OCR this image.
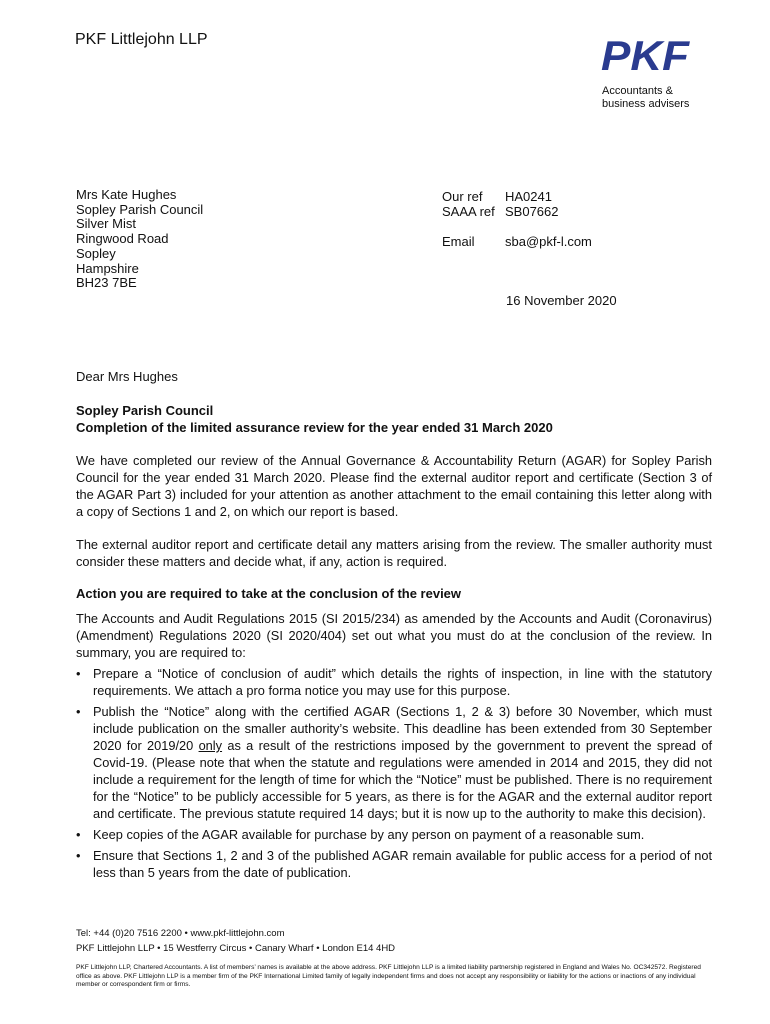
PKF Littlejohn LLP	PKF
Accountants &
business advisers
Mrs Kate Hughes
Sopley Parish Council
Silver Mist
Ringwood Road
Sopley
Hampshire
BH23 7BE
Our ref	HA0241
SAAA ref SB07662
Email	sba@pkf-l.com
16 November 2020
Dear Mrs Hughes
Sopley Parish Council
Completion of the limited assurance review for the year ended 31 March 2020
We have completed our review of the Annual Governance & Accountability Return (AGAR) for Sopley Parish Council for the year ended 31 March 2020. Please find the external auditor report and certificate (Section 3 of the AGAR Part 3) included for your attention as another attachment to the email containing this letter along with a copy of Sections 1 and 2, on which our report is based.
The external auditor report and certificate detail any matters arising from the review. The smaller authority must consider these matters and decide what, if any, action is required.
Action you are required to take at the conclusion of the review
The Accounts and Audit Regulations 2015 (SI 2015/234) as amended by the Accounts and Audit (Coronavirus) (Amendment) Regulations 2020 (SI 2020/404) set out what you must do at the conclusion of the review. In summary, you are required to:
• Prepare a “Notice of conclusion of audit” which details the rights of inspection, in line with the statutory requirements. We attach a pro forma notice you may use for this purpose.
• Publish the “Notice” along with the certified AGAR (Sections 1, 2 & 3) before 30 November, which must include publication on the smaller authority’s website. This deadline has been extended from 30 September 2020 for 2019/20 only as a result of the restrictions imposed by the government to prevent the spread of Covid-19. (Please note that when the statute and regulations were amended in 2014 and 2015, they did not include a requirement for the length of time for which the “Notice” must be published. There is no requirement for the “Notice” to be publicly accessible for 5 years, as there is for the AGAR and the external auditor report and certificate. The previous statute required 14 days; but it is now up to the authority to make this decision).
• Keep copies of the AGAR available for purchase by any person on payment of a reasonable sum.
• Ensure that Sections 1, 2 and 3 of the published AGAR remain available for public access for a period of not less than 5 years from the date of publication.
Tel: +44 (0)20 7516 2200 • www.pkf-littlejohn.com
PKF Littlejohn LLP • 15 Westferry Circus • Canary Wharf • London E14 4HD
PKF Littlejohn LLP, Chartered Accountants. A list of members’ names is available at the above address. PKF Littlejohn LLP is a limited liability partnership registered in England and Wales No. OC342572. Registered office as above. PKF Littlejohn LLP is a member firm of the PKF International Limited family of legally independent firms and does not accept any responsibility or liability for the actions or inactions of any individual member or correspondent firm or firms.
